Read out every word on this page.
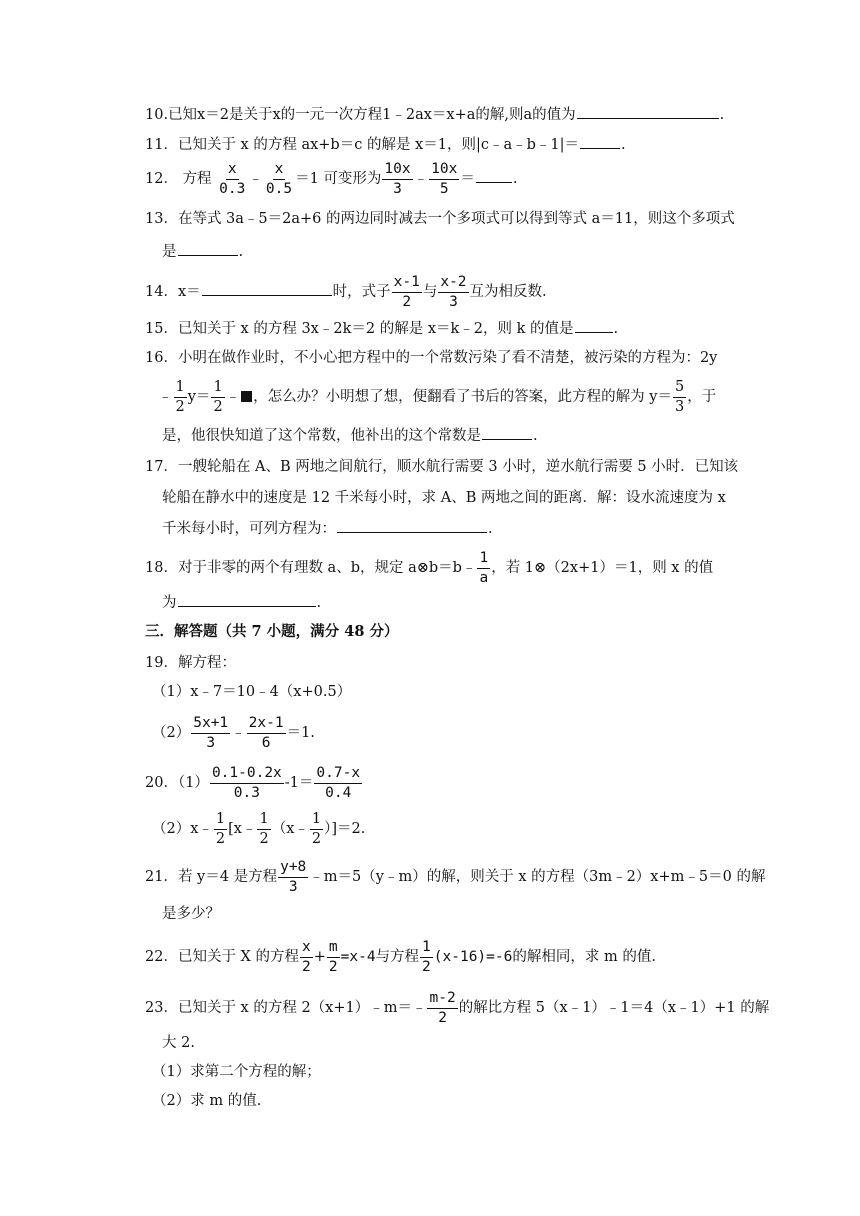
10.已知x＝2是关于x的一元一次方程1﹣2ax＝x+a的解,则a的值为	.
11．已知关于 x 的方程 ax+b＝c 的解是 x＝1，则|c﹣a﹣b﹣1|＝	.
12． 方程 $\frac{x}{0.3}$ ﹣ $\frac{x}{0.5} =1$ 可变形为 $\frac{10x}{3}$ ﹣ $\frac{10x}{5}$ ＝	.
13．在等式 3a﹣5＝2a+6 的两边同时减去一个多项式可以得到等式 a＝11，则这个多项式
是	.
14．x＝	时，式子 $\frac{x-1}{2}$ 与 $\frac{x-2}{3}$ 互为相反数.
15．已知关于 x 的方程 3x﹣2k＝2 的解是 x＝k﹣2，则 k 的值是	.
16．小明在做作业时，不小心把方程中的一个常数污染了看不清楚，被污染的方程为：2y
﹣ $\frac{1}{2} y= \frac{1}{2}$ ﹣ ，怎么办？小明想了想，便翻看了书后的答案，此方程的解为 $y= \frac{5}{3}$ ，于
是，他很快知道了这个常数，他补出的这个常数是	.
17．一艘轮船在 A、B 两地之间航行，顺水航行需要 3 小时，逆水航行需要 5 小时．已知该
轮船在静水中的速度是 12 千米每小时，求 A、B 两地之间的距离．解：设水流速度为 x
千米每小时，可列方程为：	.
18．对于非零的两个有理数 a、b，规定 a⊗b＝b﹣ $\frac{1}{a}$ ，若 1⊗（2x+1）＝1，则 x 的值
为	.
三．解答题（共 7 小题，满分 48 分）
19．解方程：
（1）x﹣7＝10﹣4（x+0.5）
$(2) \frac{5x+1}{3}$ ﹣ $\frac{2x-1}{6} =1$.
20．$(1) \frac{0.1-0.2x}{0.3} -1= \frac{0.7-x}{0.4}$
（2）x﹣ $\frac{1}{2}$ [x﹣ $\frac{1}{2}$ （x﹣ $\frac{1}{2} )]=2$.
21．若 y＝4 是方程 $\frac{y+8}{3}$ ﹣m＝5（y﹣m）的解，则关于 x 的方程（3m﹣2）x+m﹣5＝0 的解
是多少？
22．已知关于 X 的方程 $\frac{x}{2} + \frac{m}{2} =x-4$与方程 $\frac{1}{2} (x-16)=-6$的解相同，求 m 的值.
23．已知关于 x 的方程 2（x+1）﹣m＝﹣ $\frac{m-2}{2}$ 的解比方程 5（x﹣1）﹣1＝4（x﹣1）+1 的解
大 2.
（1）求第二个方程的解；
（2）求 m 的值.
